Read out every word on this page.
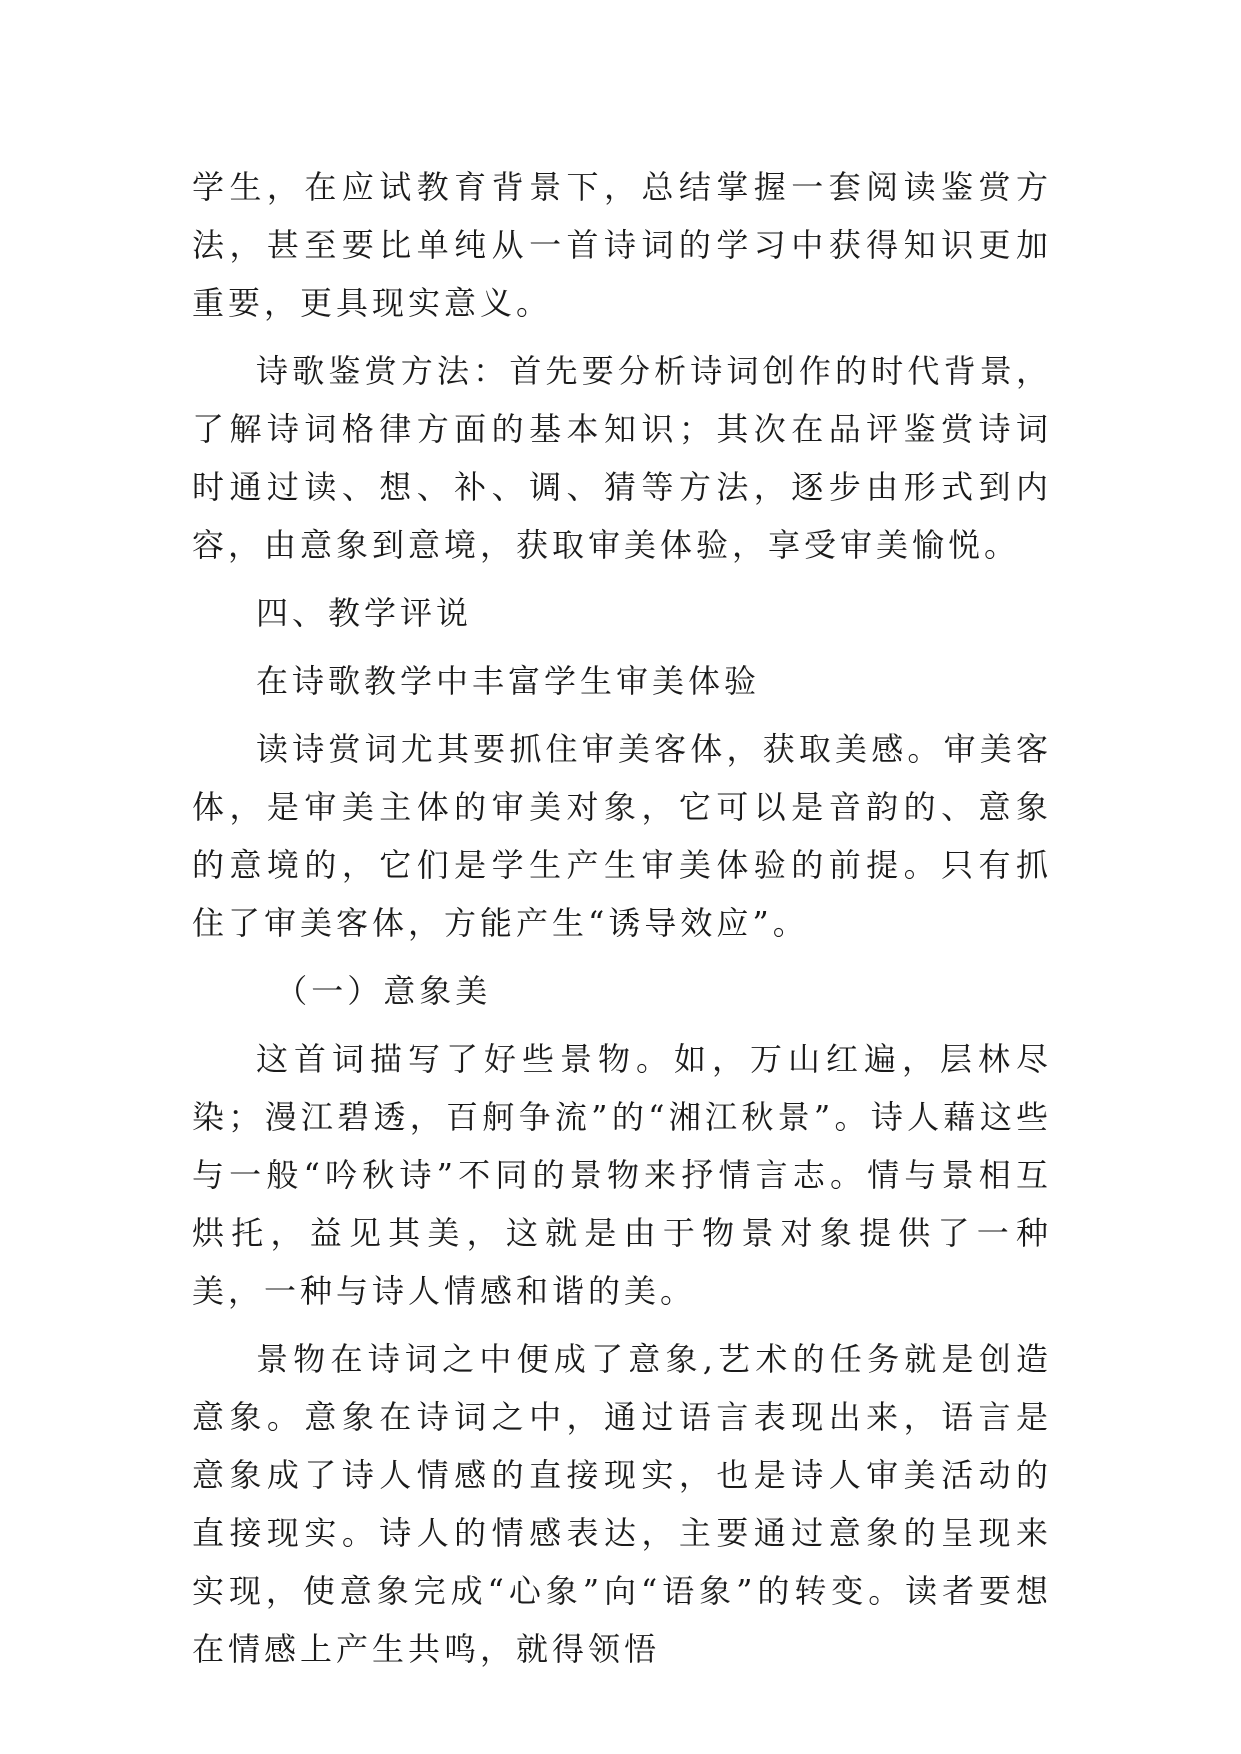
学生，在应试教育背景下，总结掌握一套阅读鉴赏方法，甚至要比单纯从一首诗词的学习中获得知识更加重要，更具现实意义。

诗歌鉴赏方法：首先要分析诗词创作的时代背景，了解诗词格律方面的基本知识；其次在品评鉴赏诗词时通过读、想、补、调、猜等方法，逐步由形式到内容，由意象到意境，获取审美体验，享受审美愉悦。

四、教学评说

在诗歌教学中丰富学生审美体验

读诗赏词尤其要抓住审美客体，获取美感。审美客体，是审美主体的审美对象，它可以是音韵的、意象的意境的，它们是学生产生审美体验的前提。只有抓住了审美客体，方能产生“诱导效应”。

（一）意象美

这首词描写了好些景物。如，万山红遍，层林尽染；漫江碧透，百舸争流”的“湘江秋景”。诗人藉这些与一般“吟秋诗”不同的景物来抒情言志。情与景相互烘托，益见其美，这就是由于物景对象提供了一种美，一种与诗人情感和谐的美。

景物在诗词之中便成了意象,艺术的任务就是创造意象。意象在诗词之中，通过语言表现出来，语言是意象成了诗人情感的直接现实，也是诗人审美活动的直接现实。诗人的情感表达，主要通过意象的呈现来实现，使意象完成“心象”向“语象”的转变。读者要想在情感上产生共鸣，就得领悟
